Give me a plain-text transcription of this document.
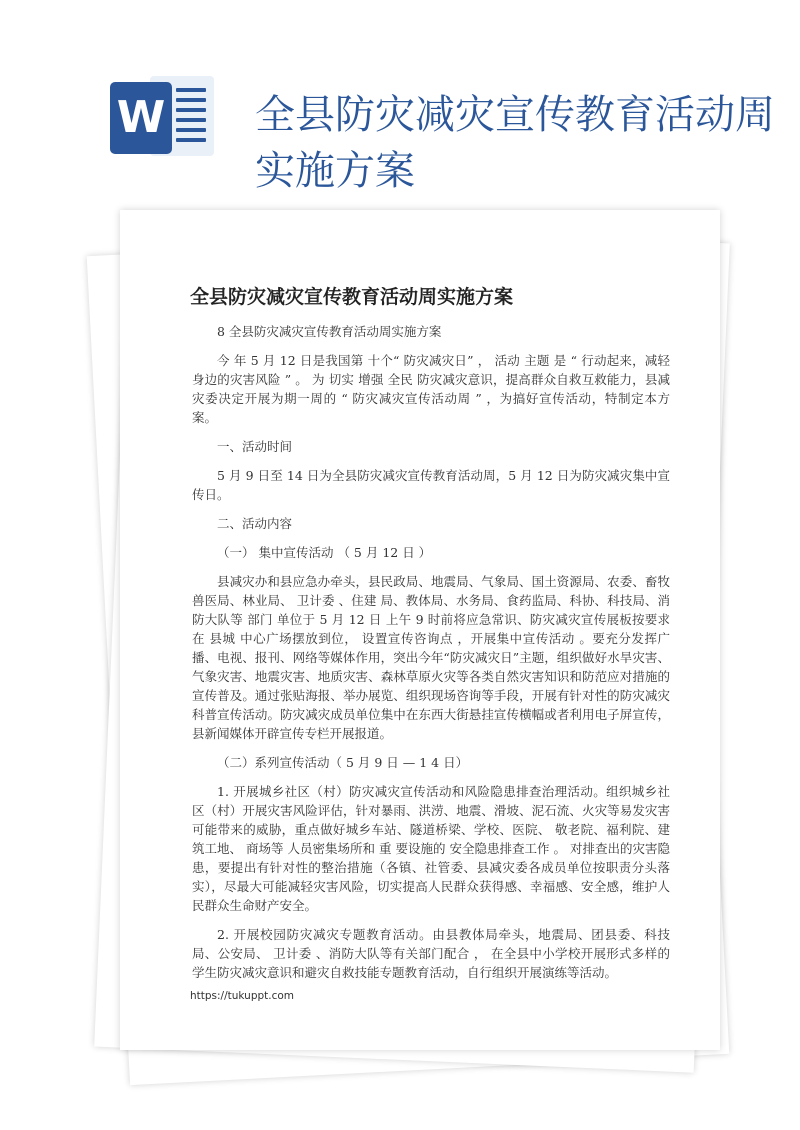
W 全县防灾减灾宣传教育活动周实施方案
全县防灾减灾宣传教育活动周实施方案

8 全县防灾减灾宣传教育活动周实施方案

今 年 5 月 12 日是我国第 十个“ 防灾减灾日” ， 活动 主题 是 “ 行动起来，减轻身边的灾害风险 ” 。 为 切实 增强 全民 防灾减灾意识，提高群众自救互救能力，县减灾委决定开展为期一周的 “ 防灾减灾宣传活动周 ” ，为搞好宣传活动，特制定本方案。

一、活动时间

5 月 9 日至 14 日为全县防灾减灾宣传教育活动周，5 月 12 日为防灾减灾集中宣传日。

二、活动内容

（一） 集中宣传活动 （ 5 月 12 日 ）

县减灾办和县应急办牵头，县民政局、地震局、气象局、国土资源局、农委、畜牧兽医局、林业局、 卫计委 、住建 局、教体局、水务局、食药监局、科协、科技局、消防大队等 部门 单位于 5 月 12 日 上午 9 时前将应急常识、防灾减灾宣传展板按要求在 县城 中心广场摆放到位， 设置宣传咨询点 ，开展集中宣传活动 。要充分发挥广播、电视、报刊、网络等媒体作用，突出今年“防灾减灾日”主题，组织做好水旱灾害、气象灾害、地震灾害、地质灾害、森林草原火灾等各类自然灾害知识和防范应对措施的宣传普及。通过张贴海报、举办展览、组织现场咨询等手段，开展有针对性的防灾减灾科普宣传活动。防灾减灾成员单位集中在东西大街悬挂宣传横幅或者利用电子屏宣传，县新闻媒体开辟宣传专栏开展报道。

（二）系列宣传活动（ 5 月 9 日 — 1 4 日）

1. 开展城乡社区（村）防灾减灾宣传活动和风险隐患排查治理活动。组织城乡社区（村）开展灾害风险评估，针对暴雨、洪涝、地震、滑坡、泥石流、火灾等易发灾害可能带来的威胁，重点做好城乡车站、隧道桥梁、学校、医院、 敬老院、福利院、建筑工地、 商场等 人员密集场所和 重 要设施的 安全隐患排查工作 。 对排查出的灾害隐患，要提出有针对性的整治措施（各镇、社管委、县减灾委各成员单位按职责分头落实），尽最大可能减轻灾害风险，切实提高人民群众获得感、幸福感、安全感，维护人民群众生命财产安全。

2. 开展校园防灾减灾专题教育活动。由县教体局牵头，地震局、团县委、科技局、公安局、 卫计委 、消防大队等有关部门配合 ， 在全县中小学校开展形式多样的学生防灾减灾意识和避灾自救技能专题教育活动，自行组织开展演练等活动。

https://tukuppt.com
